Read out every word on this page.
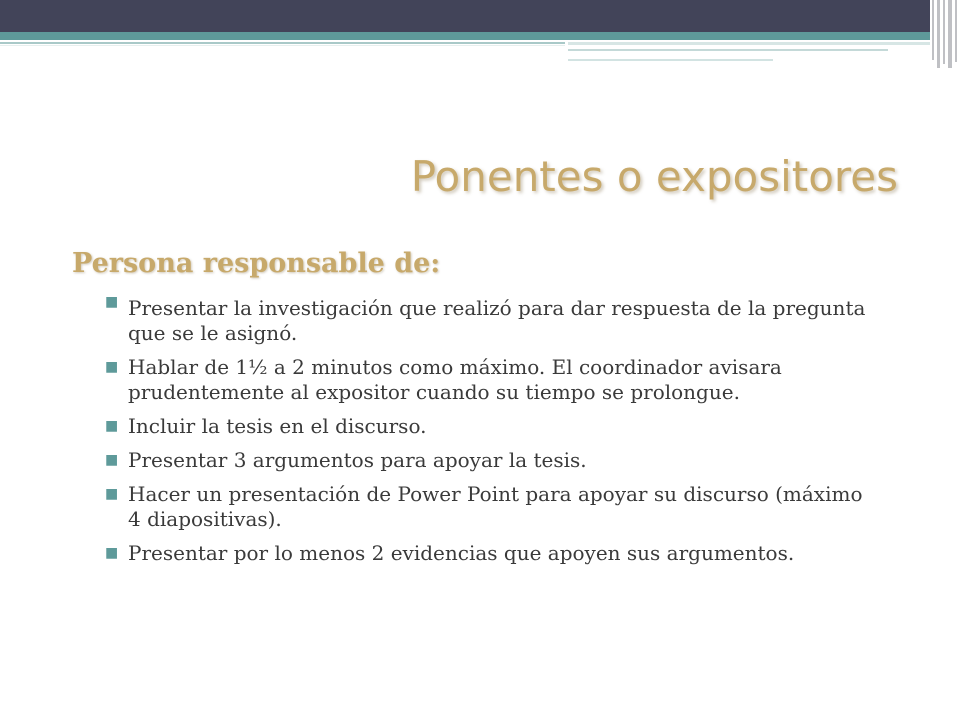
Ponentes o expositores
Persona responsable de:
■ Presentar la investigación que realizó para dar respuesta de la pregunta que se le asignó.
■ Hablar de 1½ a 2 minutos como máximo. El coordinador avisara prudentemente al expositor cuando su tiempo se prolongue.
■ Incluir la tesis en el discurso.
■ Presentar 3 argumentos para apoyar la tesis.
■ Hacer un presentación de Power Point para apoyar su discurso (máximo 4 diapositivas).
■ Presentar por lo menos 2 evidencias que apoyen sus argumentos.
